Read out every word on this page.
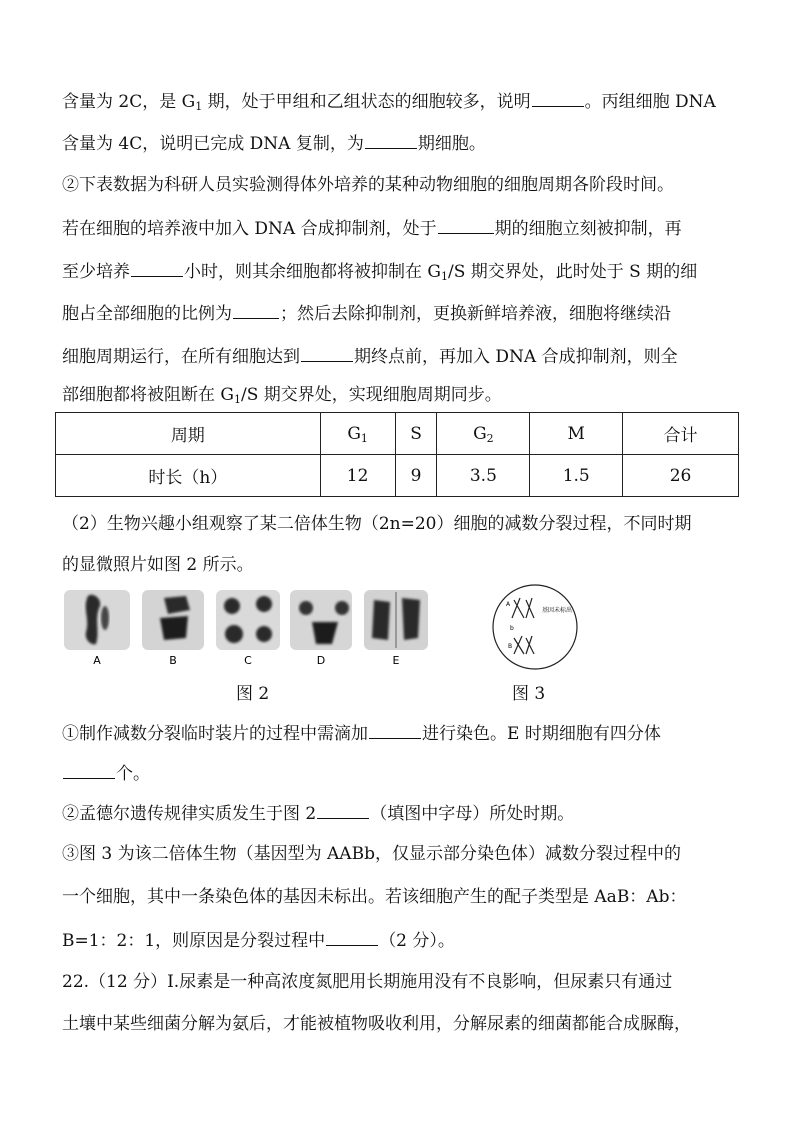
含量为 2C，是 $G_1$ 期，处于甲组和乙组状态的细胞较多，说明	。丙组细胞 DNA
含量为 4C，说明已完成 DNA 复制，为	期细胞。
②下表数据为科研人员实验测得体外培养的某种动物细胞的细胞周期各阶段时间。
若在细胞的培养液中加入 DNA 合成抑制剂，处于	期的细胞立刻被抑制，再
至少培养	小时，则其余细胞都将被抑制在 $G_1/S$ 期交界处，此时处于 S 期的细
胞占全部细胞的比例为	；然后去除抑制剂，更换新鲜培养液，细胞将继续沿
细胞周期运行，在所有细胞达到	期终点前，再加入 DNA 合成抑制剂，则全
部细胞都将被阻断在 $G_1/S$ 期交界处，实现细胞周期同步。
周期	$G_1$	S	$G_2$	M	合计
时长（h）	12	9	3.5	1.5	26
（2）生物兴趣小组观察了某二倍体生物（2n=20）细胞的减数分裂过程，不同时期
的显微照片如图 2 所示。
A	B	C	D	E
A
b
B
基因未标出
图 2	图 3
①制作减数分裂临时装片的过程中需滴加	进行染色。E 时期细胞有四分体
个。
②孟德尔遗传规律实质发生于图 2	（填图中字母）所处时期。
③图 3 为该二倍体生物（基因型为 AABb，仅显示部分染色体）减数分裂过程中的
一个细胞，其中一条染色体的基因未标出。若该细胞产生的配子类型是 AaB：Ab：
B=1：2：1，则原因是分裂过程中	（2 分）。
22.（12 分）Ⅰ.尿素是一种高浓度氮肥用长期施用没有不良影响，但尿素只有通过
土壤中某些细菌分解为氨后，才能被植物吸收利用，分解尿素的细菌都能合成脲酶，
